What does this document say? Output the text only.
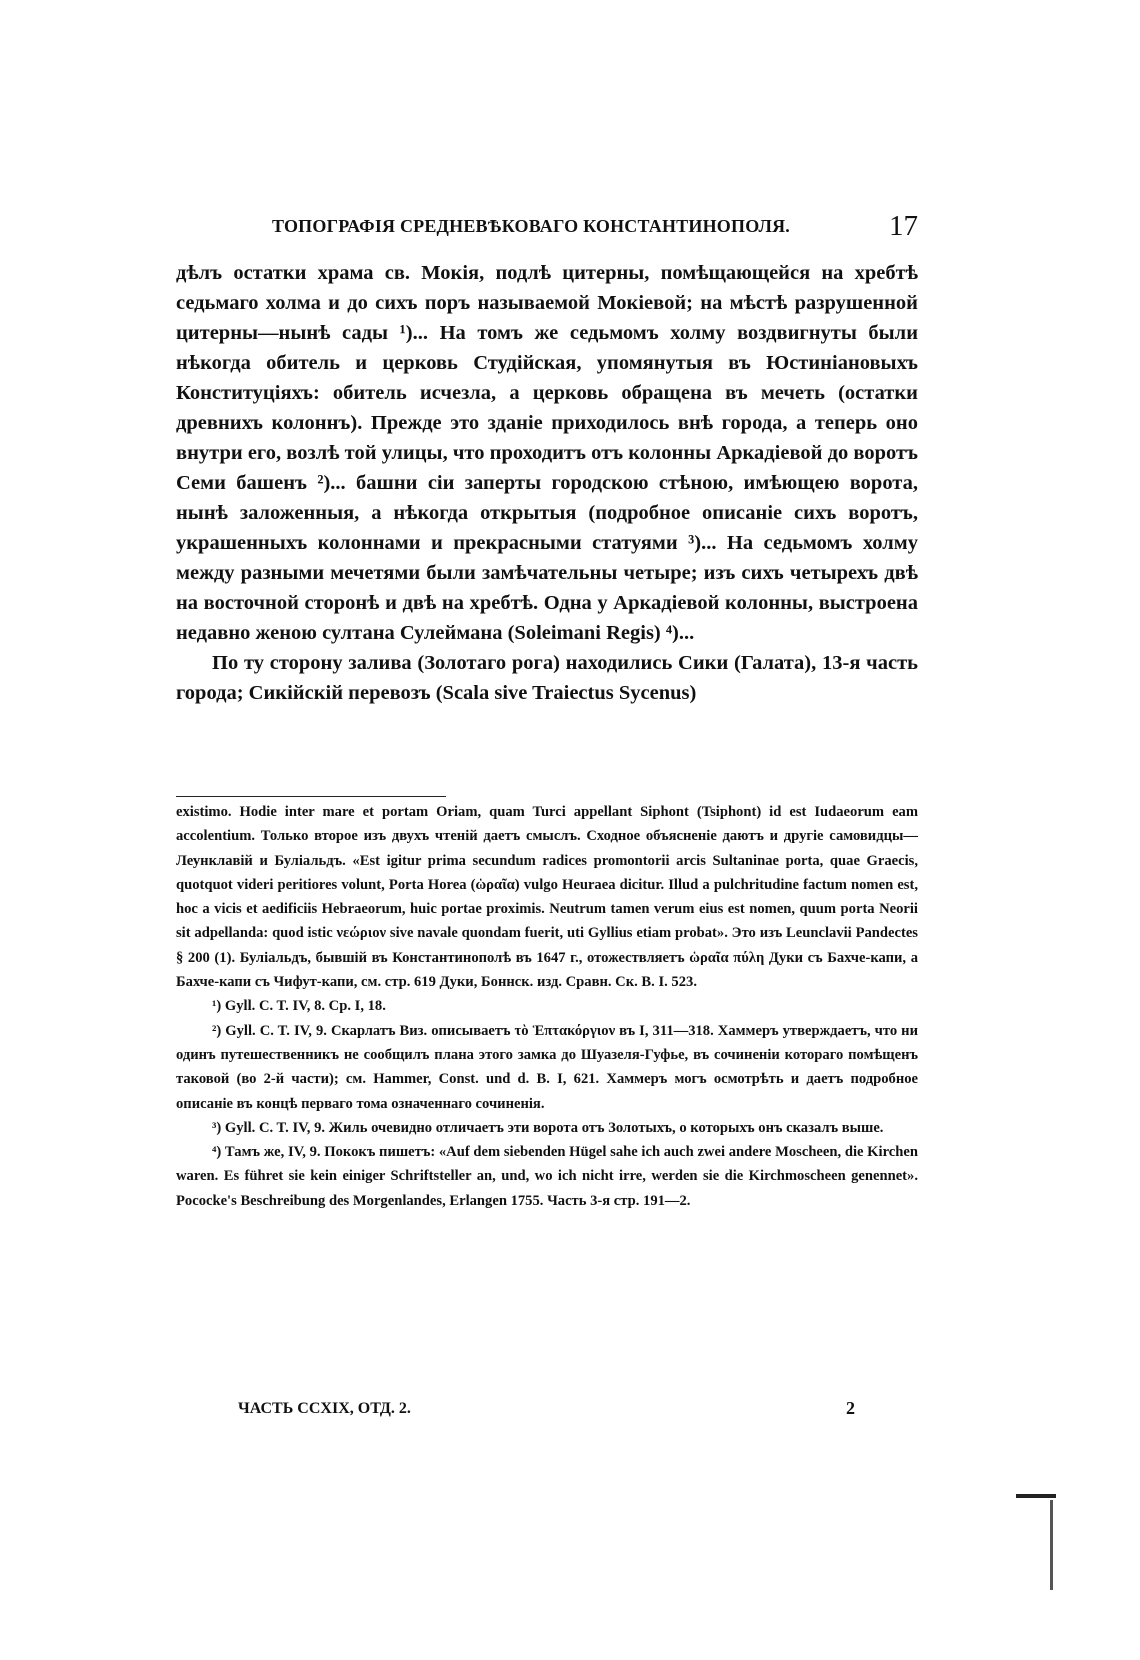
ТОПОГРАФІЯ СРЕДНЕВѢКОВАГО КОНСТАНТИНОПОЛЯ.	17

дѣлъ остатки храма св. Мокія, подлѣ цитерны, помѣщающейся на хребтѣ седьмаго холма и до сихъ поръ называемой Мокіевой; на мѣстѣ разрушенной цитерны—нынѣ сады ¹)... На томъ же седьмомъ холму воздвигнуты были нѣкогда обитель и церковь Студійская, упомянутыя въ Юстиніановыхъ Конституціяхъ: обитель исчезла, а церковь обращена въ мечеть (остатки древнихъ колоннъ). Прежде это зданіе приходилось внѣ города, а теперь оно внутри его, возлѣ той улицы, что проходитъ отъ колонны Аркадіевой до воротъ Семи башенъ ²)... башни сіи заперты городскою стѣною, имѣющею ворота, нынѣ заложенныя, а нѣкогда открытыя (подробное описаніе сихъ воротъ, украшенныхъ колоннами и прекрасными статуями ³)... На седьмомъ холму между разными мечетями были замѣчательны четыре; изъ сихъ четырехъ двѣ на восточной сторонѣ и двѣ на хребтѣ. Одна у Аркадіевой колонны, выстроена недавно женою султана Сулеймана (Soleimani Regis) ⁴)...

По ту сторону залива (Золотаго рога) находились Сики (Галата), 13-я часть города; Сикійскій перевозъ (Scala sive Traiectus Sycenus)

existimo. Hodie inter mare et portam Oriam, quam Turci appellant Siphont (Tsiphont) id est Iudaeorum eam accolentium. Только второе изъ двухъ чтеній даетъ смыслъ. Сходное объясненіе даютъ и другіе самовидцы—Леунклавій и Буліальдъ. «Est igitur prima secundum radices promontorii arcis Sultaninae porta, quae Graecis, quotquot videri peritiores volunt, Porta Horea (ὡραῖα) vulgo Heuraea dicitur. Illud a pulchritudine factum nomen est, hoc a vicis et aedificiis Hebraeorum, huic portae proximis. Neutrum tamen verum eius est nomen, quum porta Neorii sit adpellanda: quod istic νεώριον sive navale quondam fuerit, uti Gyllius etiam probat». Это изъ Leunclavii Pandectes § 200 (1). Буліальдъ, бывшій въ Константинополѣ въ 1647 г., отожествляетъ ὡραῖα πύλη Дуки съ Бахче-капи, а Бахче-капи съ Чифут-капи, см. стр. 619 Дуки, Боннск. изд. Сравн. Ск. В. I. 523.

¹) Gyll. C. T. IV, 8. Cp. I, 18.

²) Gyll. C. T. IV, 9. Скарлатъ Виз. описываетъ τὸ Ἑπτακόργιον въ I, 311—318. Хаммеръ утверждаетъ, что ни одинъ путешественникъ не сообщилъ плана этого замка до Шуазеля-Гуфье, въ сочиненіи котораго помѣщенъ таковой (во 2-й части); см. Hammer, Const. und d. B. I, 621. Хаммеръ могъ осмотрѣть и даетъ подробное описаніе въ концѣ перваго тома означеннаго сочиненія.

³) Gyll. C. T. IV, 9. Жиль очевидно отличаетъ эти ворота отъ Золотыхъ, о которыхъ онъ сказалъ выше.

⁴) Тамъ же, IV, 9. Пококъ пишетъ: «Auf dem siebenden Hügel sahe ich auch zwei andere Moscheen, die Kirchen waren. Es führet sie kein einiger Schriftsteller an, und, wo ich nicht irre, werden sie die Kirchmoscheen genennet». Pococke's Beschreibung des Morgenlandes, Erlangen 1755. Часть 3-я стр. 191—2.

ЧАСТЬ CCXIX, ОТД. 2.	2
